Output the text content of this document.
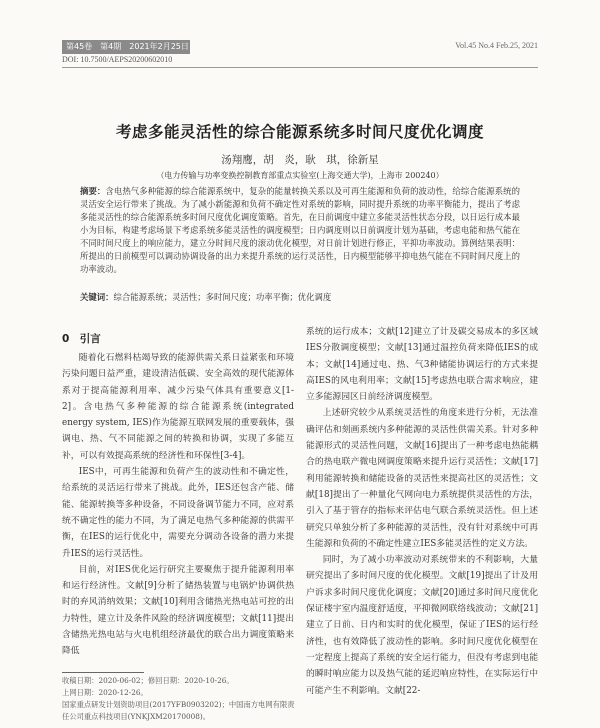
第45卷　第4期　2021年2月25日	Vol.45 No.4 Feb.25, 2021
DOI: 10.7500/AEPS20200602010
考虑多能灵活性的综合能源系统多时间尺度优化调度
汤翔鹰，胡　炎，耿　琪，徐新星
（电力传输与功率变换控制教育部重点实验室(上海交通大学)，上海市 200240）
摘要：含电热气多种能源的综合能源系统中，复杂的能量转换关系以及可再生能源和负荷的波动性，给综合能源系统的灵活安全运行带来了挑战。为了减小新能源和负荷不确定性对系统的影响，同时提升系统的功率平衡能力，提出了考虑多能灵活性的综合能源系统多时间尺度优化调度策略。首先，在日前调度中建立多能灵活性状态分段，以日运行成本最小为目标，构建考虑场景下考虑系统多能灵活性的调度模型；日内调度则以日前调度计划为基础，考虑电能和热气能在不同时间尺度上的响应能力，建立分时间尺度的滚动优化模型，对日前计划进行修正，平抑功率波动。算例结果表明：所提出的日前模型可以调动协调设备的出力来提升系统的运行灵活性，日内模型能够平抑电热气能在不同时间尺度上的功率波动。
关键词：综合能源系统；灵活性；多时间尺度；功率平衡；优化调度
0　引言

随着化石燃料枯竭导致的能源供需关系日益紧张和环境污染问题日益严重，建设清洁低碳、安全高效的现代能源体系对于提高能源利用率、减少污染气体具有重要意义[1-2]。含电热气多种能源的综合能源系统(integrated energy system, IES)作为能源互联网发展的重要载体，强调电、热、气不同能源之间的转换和协调，实现了多能互补，可以有效提高系统的经济性和环保性[3-4]。

IES中，可再生能源和负荷产生的波动性和不确定性，给系统的灵活运行带来了挑战。此外，IES还包含产能、储能、能源转换等多种设备，不同设备调节能力不同，应对系统不确定性的能力不同，为了满足电热气多种能源的供需平衡，在IES的运行优化中，需要充分调动各设备的潜力来提升IES的运行灵活性。

目前，对IES优化运行研究主要聚焦于提升能源利用率和运行经济性。文献[9]分析了储热装置与电锅炉协调供热时的弃风消纳效果；文献[10]利用含储热光热电站可控的出力特性，建立计及条件风险的经济调度模型；文献[11]提出含储热光热电站与火电机组经济最优的联合出力调度策略来降低

系统的运行成本；文献[12]建立了计及碳交易成本的多区域IES分散调度模型；文献[13]通过温控负荷来降低IES的成本；文献[14]通过电、热、气3种储能协调运行的方式来提高IES的风电利用率；文献[15]考虑热电联合需求响应，建立多能源园区日前经济调度模型。

上述研究较少从系统灵活性的角度来进行分析，无法准确评估和刻画系统内多种能源的灵活性供需关系。针对多种能源形式的灵活性问题，文献[16]提出了一种考虑电热能耦合的热电联产微电网调度策略来提升运行灵活性；文献[17]利用能源转换和储能设备的灵活性来提高社区的灵活性；文献[18]提出了一种量化气网向电力系统提供灵活性的方法，引入了基于管存的指标来评估电气联合系统灵活性。但上述研究只单独分析了多种能源的灵活性，没有针对系统中可再生能源和负荷的不确定性建立IES多能灵活性的定义方法。

同时，为了减小功率波动对系统带来的不利影响，大量研究提出了多时间尺度的优化模型。文献[19]提出了计及用户诉求多时间尺度优化调度；文献[20]通过多时间尺度优化保证楼宇室内温度舒适度，平抑微网联络线波动；文献[21]建立了日前、日内和实时的优化模型，保证了IES的运行经济性，也有效降低了波动性的影响。多时间尺度优化模型在一定程度上提高了系统的安全运行能力，但没有考虑到电能的瞬时响应能力以及热气能的延迟响应特性，在实际运行中可能产生不利影响。文献[22-

收稿日期：2020-06-02；修回日期：2020-10-26。
上网日期：2020-12-26。
国家重点研发计划资助项目(2017YFB0903202)；中国南方电网有限责任公司重点科技项目(YNKJXM20170008)。
